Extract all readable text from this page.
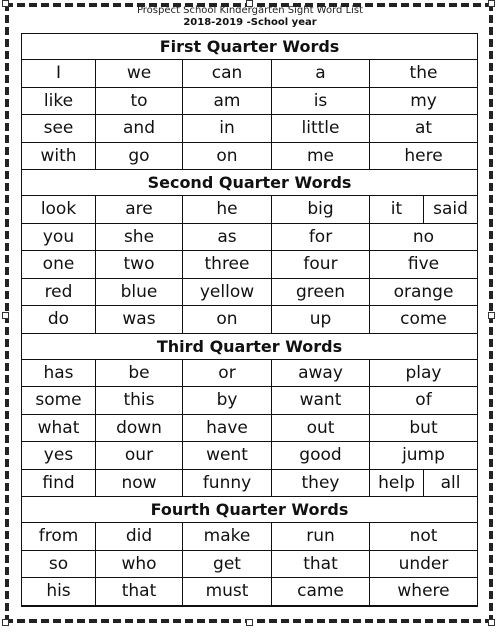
Prospect School Kindergarten Sight Word List
2018-2019 -School year
First Quarter Words
I	we	can	a	the
like	to	am	is	my
see	and	in	little	at
with	go	on	me	here
Second Quarter Words
look	are	he	big	it	said
you	she	as	for	no
one	two	three	four	five
red	blue	yellow	green	orange
do	was	on	up	come
Third Quarter Words
has	be	or	away	play
some	this	by	want	of
what	down	have	out	but
yes	our	went	good	jump
find	now	funny	they	help	all
Fourth Quarter Words
from	did	make	run	not
so	who	get	that	under
his	that	must	came	where
